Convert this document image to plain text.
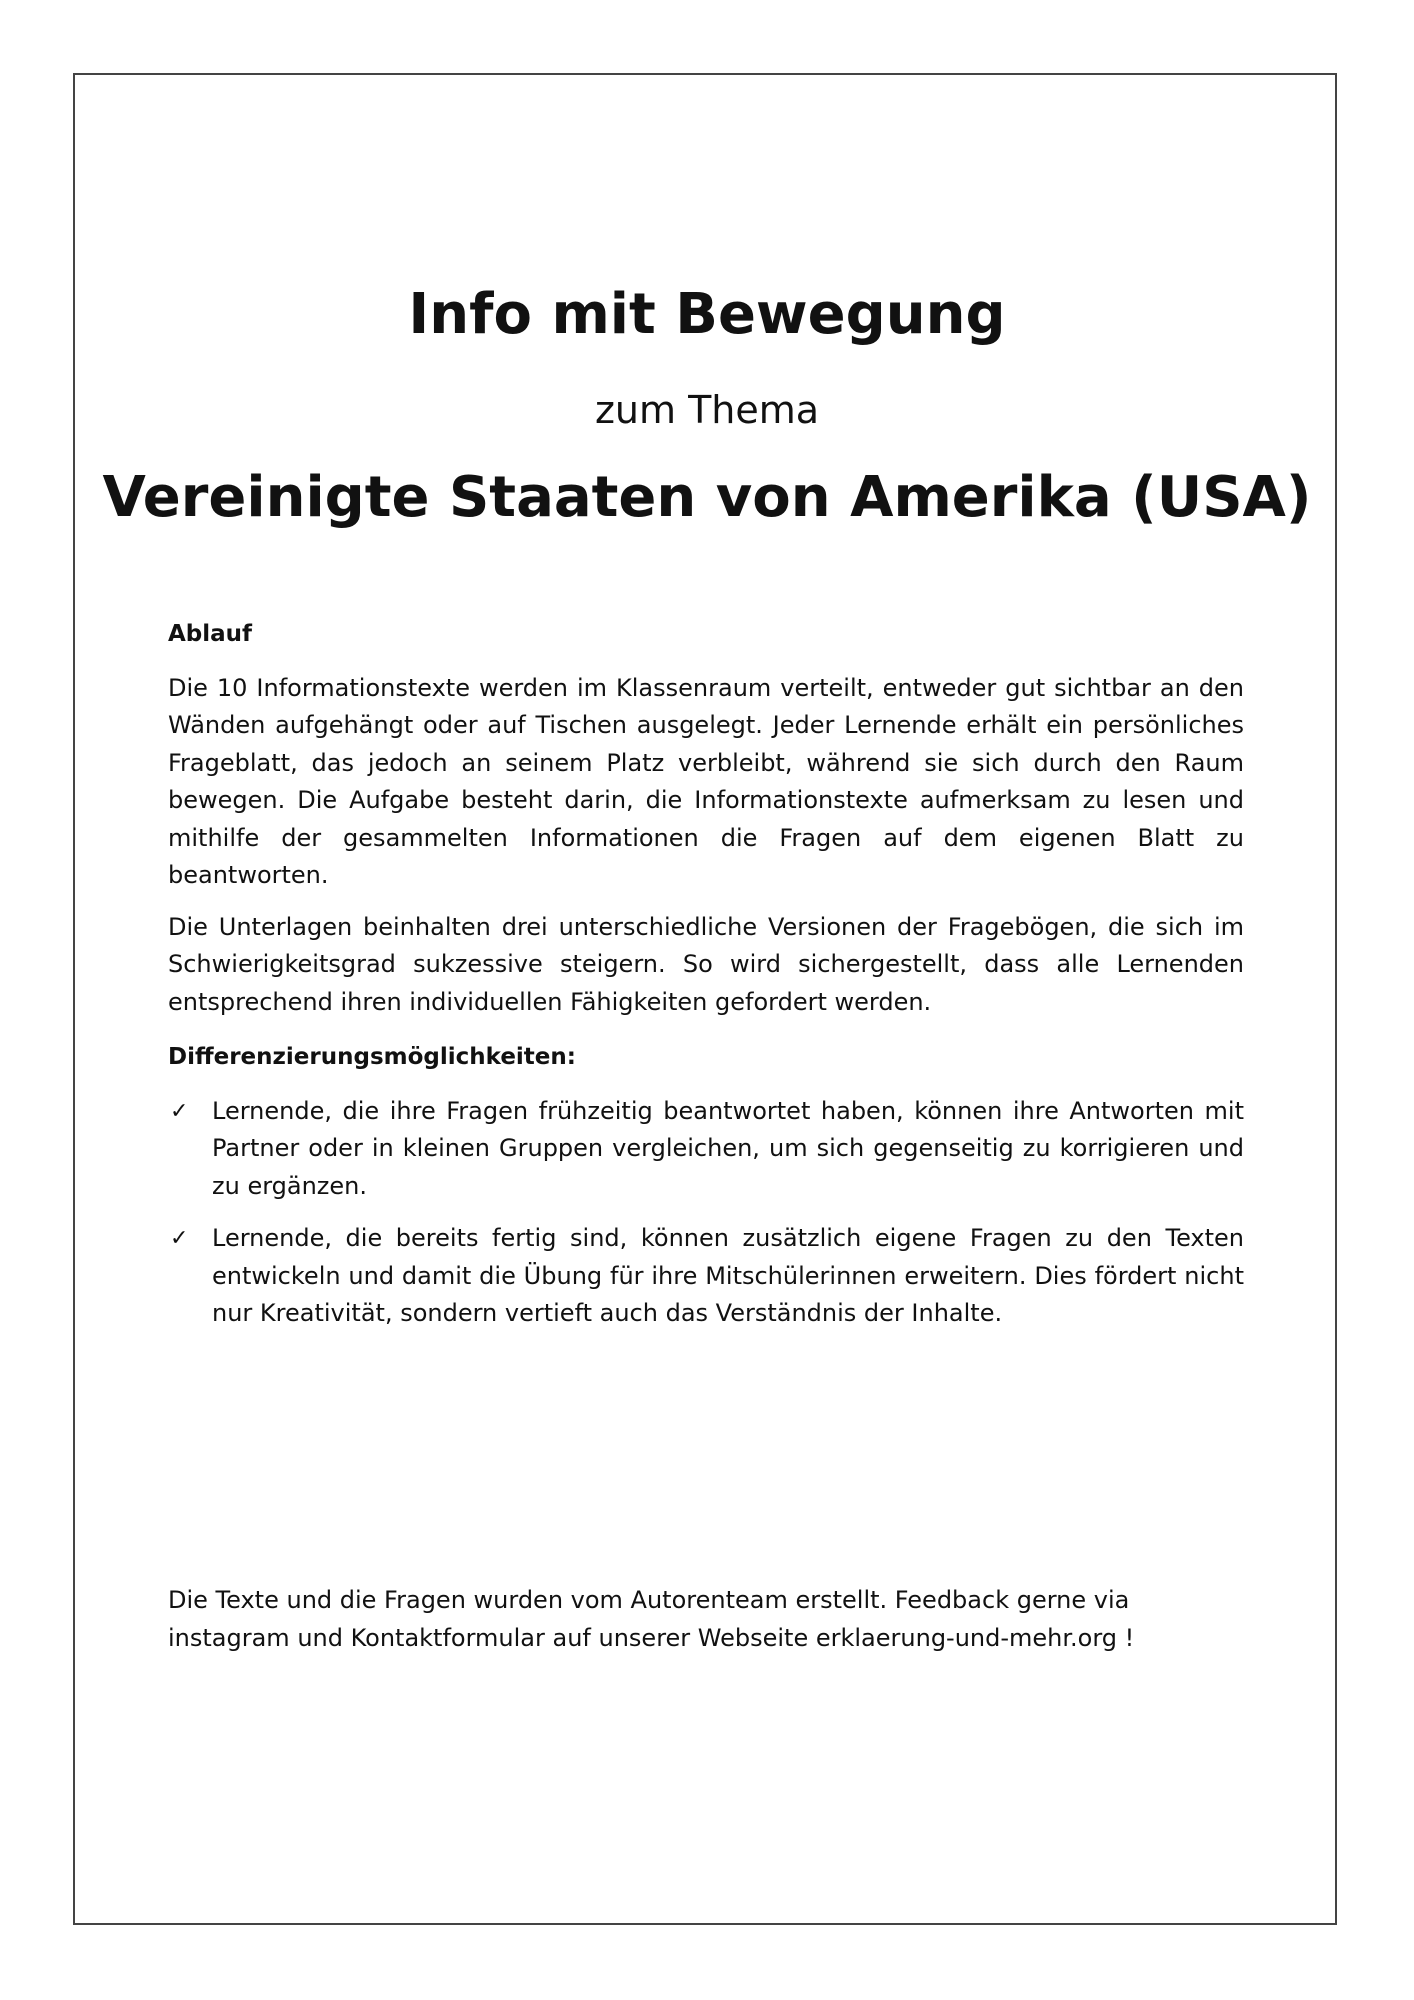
Info mit Bewegung
zum Thema
Vereinigte Staaten von Amerika (USA)

Ablauf

Die 10 Informationstexte werden im Klassenraum verteilt, entweder gut sichtbar an den Wänden aufgehängt oder auf Tischen ausgelegt. Jeder Lernende erhält ein persönliches Frageblatt, das jedoch an seinem Platz verbleibt, während sie sich durch den Raum bewegen. Die Aufgabe besteht darin, die Informationstexte aufmerksam zu lesen und mithilfe der gesammelten Informationen die Fragen auf dem eigenen Blatt zu beantworten.

Die Unterlagen beinhalten drei unterschiedliche Versionen der Fragebögen, die sich im Schwierigkeitsgrad sukzessive steigern. So wird sichergestellt, dass alle Lernenden entsprechend ihren individuellen Fähigkeiten gefordert werden.

Differenzierungsmöglichkeiten:

✓ Lernende, die ihre Fragen frühzeitig beantwortet haben, können ihre Antworten mit Partner oder in kleinen Gruppen vergleichen, um sich gegenseitig zu korrigieren und zu ergänzen.
✓ Lernende, die bereits fertig sind, können zusätzlich eigene Fragen zu den Texten entwickeln und damit die Übung für ihre Mitschülerinnen erweitern. Dies fördert nicht nur Kreativität, sondern vertieft auch das Verständnis der Inhalte.

Die Texte und die Fragen wurden vom Autorenteam erstellt. Feedback gerne via
instagram und Kontaktformular auf unserer Webseite erklaerung-und-mehr.org !
